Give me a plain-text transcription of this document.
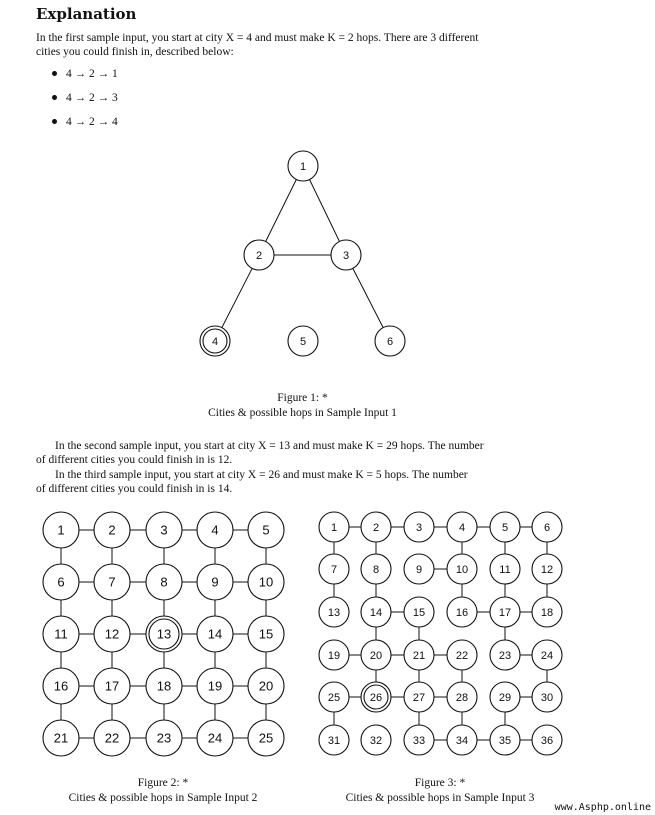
Explanation
In the first sample input, you start at city X = 4 and must make K = 2 hops. There are 3 different
cities you could finish in, described below:
4 → 2 → 1
4 → 2 → 3
4 → 2 → 4
1
2	3
4	5	6
Figure 1: *
Cities & possible hops in Sample Input 1
In the second sample input, you start at city X = 13 and must make K = 29 hops. The number
of different cities you could finish in is 12.
In the third sample input, you start at city X = 26 and must make K = 5 hops. The number
of different cities you could finish in is 14.
1	2	3	4	5
6	7	8	9	10
11	12	13	14	15
16	17	18	19	20
21	22	23	24	25
1	2	3	4	5	6
7	8	9	10	11	12
13	14	15	16	17	18
19	20	21	22	23	24
25	26	27	28	29	30
31	32	33	34	35	36
Figure 2: *
Cities & possible hops in Sample Input 2
Figure 3: *
Cities & possible hops in Sample Input 3
www.Asphp.online
